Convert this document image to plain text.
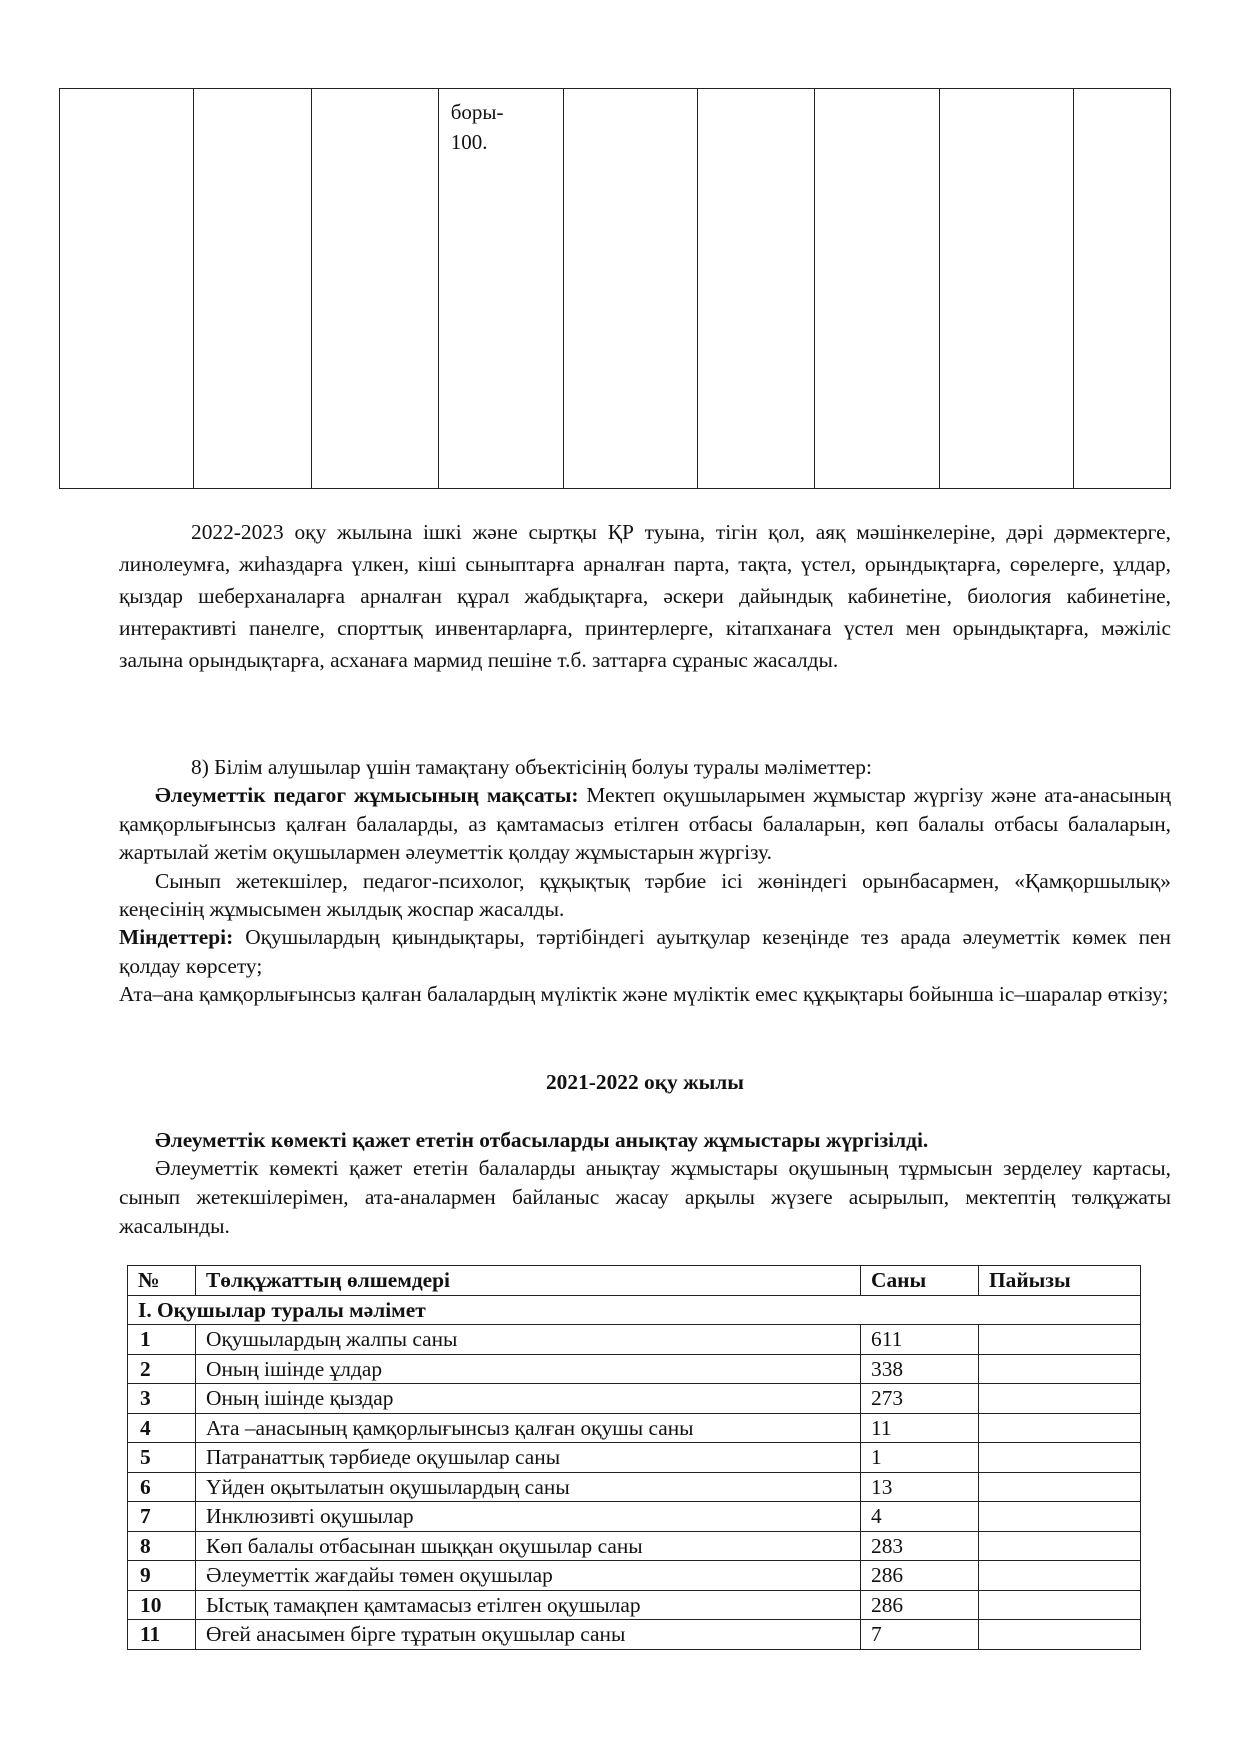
боры-
100.

2022-2023 оқу жылына ішкі және сыртқы ҚР туына, тігін қол, аяқ мәшінкелеріне, дәрі дәрмектерге, линолеумға, жиһаздарға үлкен, кіші сыныптарға арналған парта, тақта, үстел, орындықтарға, сөрелерге, ұлдар, қыздар шеберханаларға арналған құрал жабдықтарға, әскери дайындық кабинетіне, биология кабинетіне, интерактивті панелге, спорттық инвентарларға, принтерлерге, кітапханаға үстел мен орындықтарға, мәжіліс залына орындықтарға, асханаға мармид пешіне т.б. заттарға сұраныс жасалды.
8) Білім алушылар үшін тамақтану объектісінің болуы туралы мәліметтер:
Әлеуметтік педагог жұмысының мақсаты: Мектеп оқушыларымен жұмыстар жүргізу және ата-анасының қамқорлығынсыз қалған балаларды, аз қамтамасыз етілген отбасы балаларын, көп балалы отбасы балаларын, жартылай жетім оқушылармен әлеуметтік қолдау жұмыстарын жүргізу.
Сынып жетекшілер, педагог-психолог, құқықтық тәрбие ісі жөніндегі орынбасармен, «Қамқоршылық» кеңесінің жұмысымен жылдық жоспар жасалды.
Міндеттері: Оқушылардың қиындықтары, тәртібіндегі ауытқулар кезеңінде тез арада әлеуметтік көмек пен қолдау көрсету;
Ата–ана қамқорлығынсыз қалған балалардың мүліктік және мүліктік емес құқықтары бойынша іс–шаралар өткізу;
2021-2022 оқу жылы
Әлеуметтік көмекті қажет ететін отбасыларды анықтау жұмыстары жүргізілді.
Әлеуметтік көмекті қажет ететін балаларды анықтау жұмыстары оқушының тұрмысын зерделеу картасы, сынып жетекшілерімен, ата-аналармен байланыс жасау арқылы жүзеге асырылып, мектептің төлқұжаты жасалынды.
№	Төлқұжаттың өлшемдері	Саны	Пайызы
I. Оқушылар туралы мәлімет			
1	Оқушылардың жалпы саны	611	
2	Оның ішінде ұлдар	338	
3	Оның ішінде қыздар	273	
4	Ата –анасының қамқорлығынсыз қалған оқушы саны	11	
5	Патранаттық тәрбиеде оқушылар саны	1	
6	Үйден оқытылатын оқушылардың саны	13	
7	Инклюзивті оқушылар	4	
8	Көп балалы отбасынан шыққан оқушылар саны	283	
9	Әлеуметтік жағдайы төмен оқушылар	286	
10	Ыстық тамақпен қамтамасыз етілген оқушылар	286	
11	Өгей анасымен бірге тұратын оқушылар саны	7	
